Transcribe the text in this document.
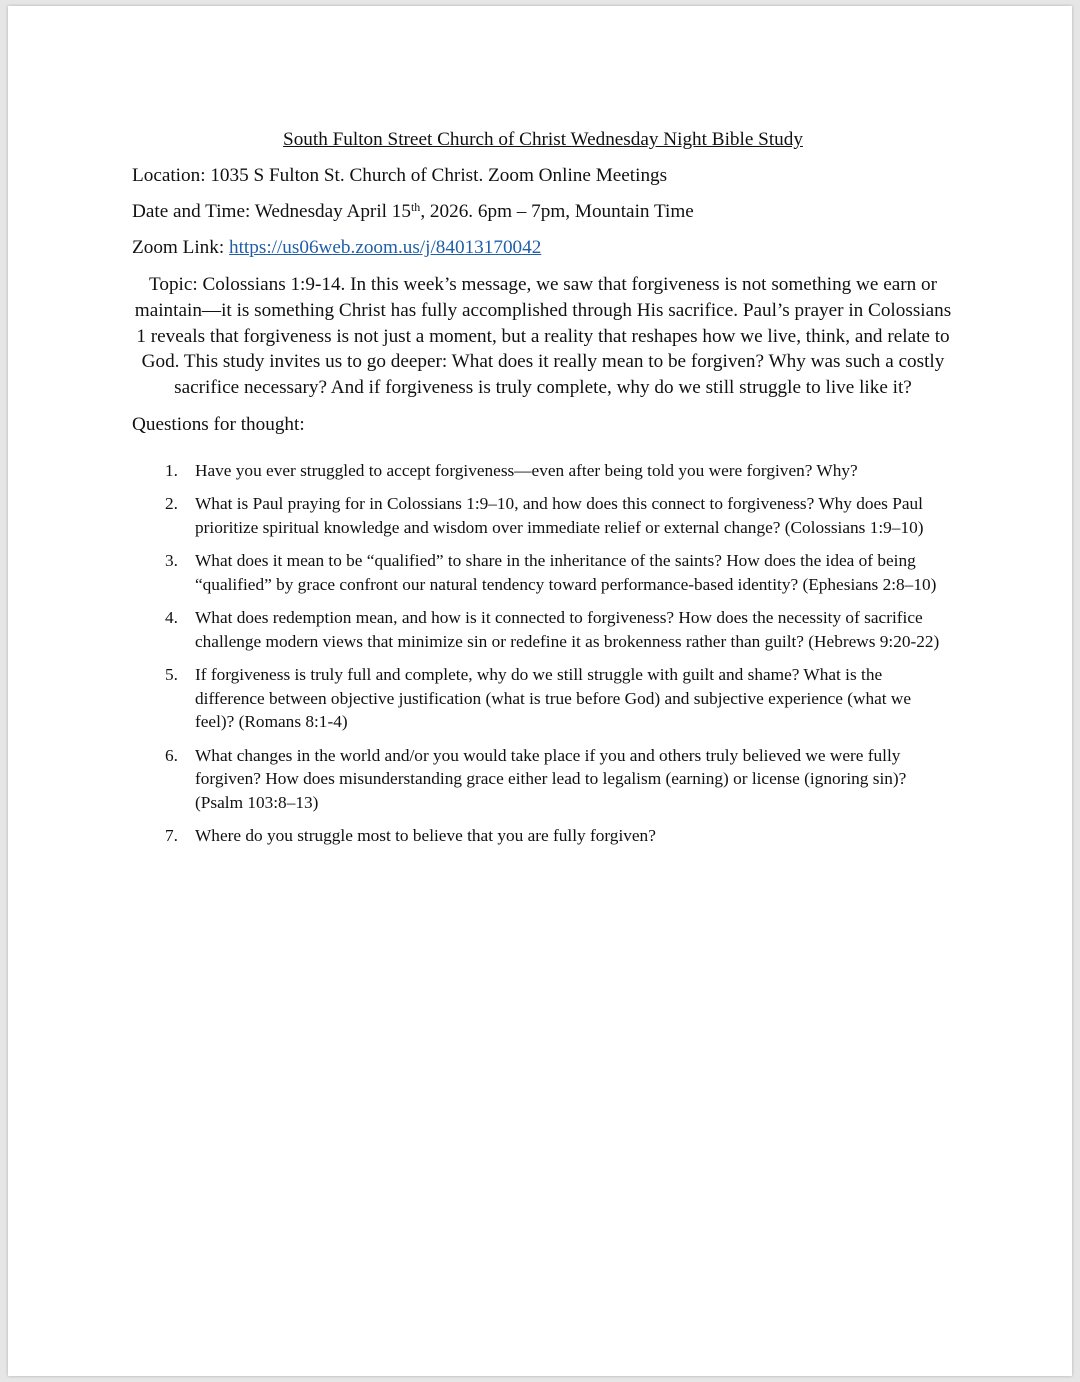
South Fulton Street Church of Christ Wednesday Night Bible Study

Location: 1035 S Fulton St. Church of Christ. Zoom Online Meetings

Date and Time: Wednesday April 15th, 2026. 6pm – 7pm, Mountain Time

Zoom Link: https://us06web.zoom.us/j/84013170042

Topic: Colossians 1:9-14. In this week’s message, we saw that forgiveness is not something we earn or maintain—it is something Christ has fully accomplished through His sacrifice. Paul’s prayer in Colossians 1 reveals that forgiveness is not just a moment, but a reality that reshapes how we live, think, and relate to God. This study invites us to go deeper: What does it really mean to be forgiven? Why was such a costly sacrifice necessary? And if forgiveness is truly complete, why do we still struggle to live like it?

Questions for thought:

1. Have you ever struggled to accept forgiveness—even after being told you were forgiven? Why?
2. What is Paul praying for in Colossians 1:9–10, and how does this connect to forgiveness? Why does Paul prioritize spiritual knowledge and wisdom over immediate relief or external change? (Colossians 1:9–10)
3. What does it mean to be “qualified” to share in the inheritance of the saints? How does the idea of being “qualified” by grace confront our natural tendency toward performance-based identity? (Ephesians 2:8–10)
4. What does redemption mean, and how is it connected to forgiveness? How does the necessity of sacrifice challenge modern views that minimize sin or redefine it as brokenness rather than guilt? (Hebrews 9:20-22)
5. If forgiveness is truly full and complete, why do we still struggle with guilt and shame? What is the difference between objective justification (what is true before God) and subjective experience (what we feel)? (Romans 8:1-4)
6. What changes in the world and/or you would take place if you and others truly believed we were fully forgiven? How does misunderstanding grace either lead to legalism (earning) or license (ignoring sin)? (Psalm 103:8–13)
7. Where do you struggle most to believe that you are fully forgiven?
